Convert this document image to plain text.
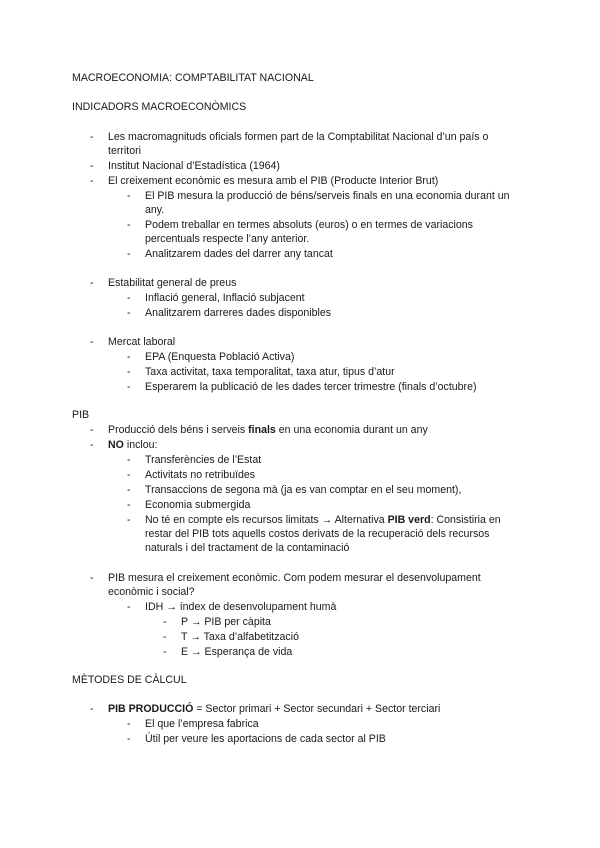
MACROECONOMIA: COMPTABILITAT NACIONAL
INDICADORS MACROECONÒMICS
- Les macromagnituds oficials formen part de la Comptabilitat Nacional d’un país o
territori
- Institut Nacional d’Estadística (1964)
- El creixement econòmic es mesura amb el PIB (Producte Interior Brut)
- El PIB mesura la producció de béns/serveis finals en una economia durant un
any.
- Podem treballar en termes absoluts (euros) o en termes de variacions
percentuals respecte l’any anterior.
- Analitzarem dades del darrer any tancat
- Estabilitat general de preus
- Inflació general, Inflació subjacent
- Analitzarem darreres dades disponibles
- Mercat laboral
- EPA (Enquesta Població Activa)
- Taxa activitat, taxa temporalitat, taxa atur, tipus d’atur
- Esperarem la publicació de les dades tercer trimestre (finals d’octubre)
PIB
- Producció dels béns i serveis finals en una economia durant un any
- NO inclou:
- Transferències de l’Estat
- Activitats no retribuïdes
- Transaccions de segona mà (ja es van comptar en el seu moment),
- Economia submergida
- No té en compte els recursos limitats → Alternativa PIB verd: Consistiria en
restar del PIB tots aquells costos derivats de la recuperació dels recursos
naturals i del tractament de la contaminació
- PIB mesura el creixement econòmic. Com podem mesurar el desenvolupament
econòmic i social?
- IDH → índex de desenvolupament humà
- P → PIB per càpita
- T → Taxa d’alfabetització
- E → Esperança de vida
MÈTODES DE CÀLCUL
- PIB PRODUCCIÓ = Sector primari + Sector secundari + Sector terciari
- El que l’empresa fabrica
- Útil per veure les aportacions de cada sector al PIB
